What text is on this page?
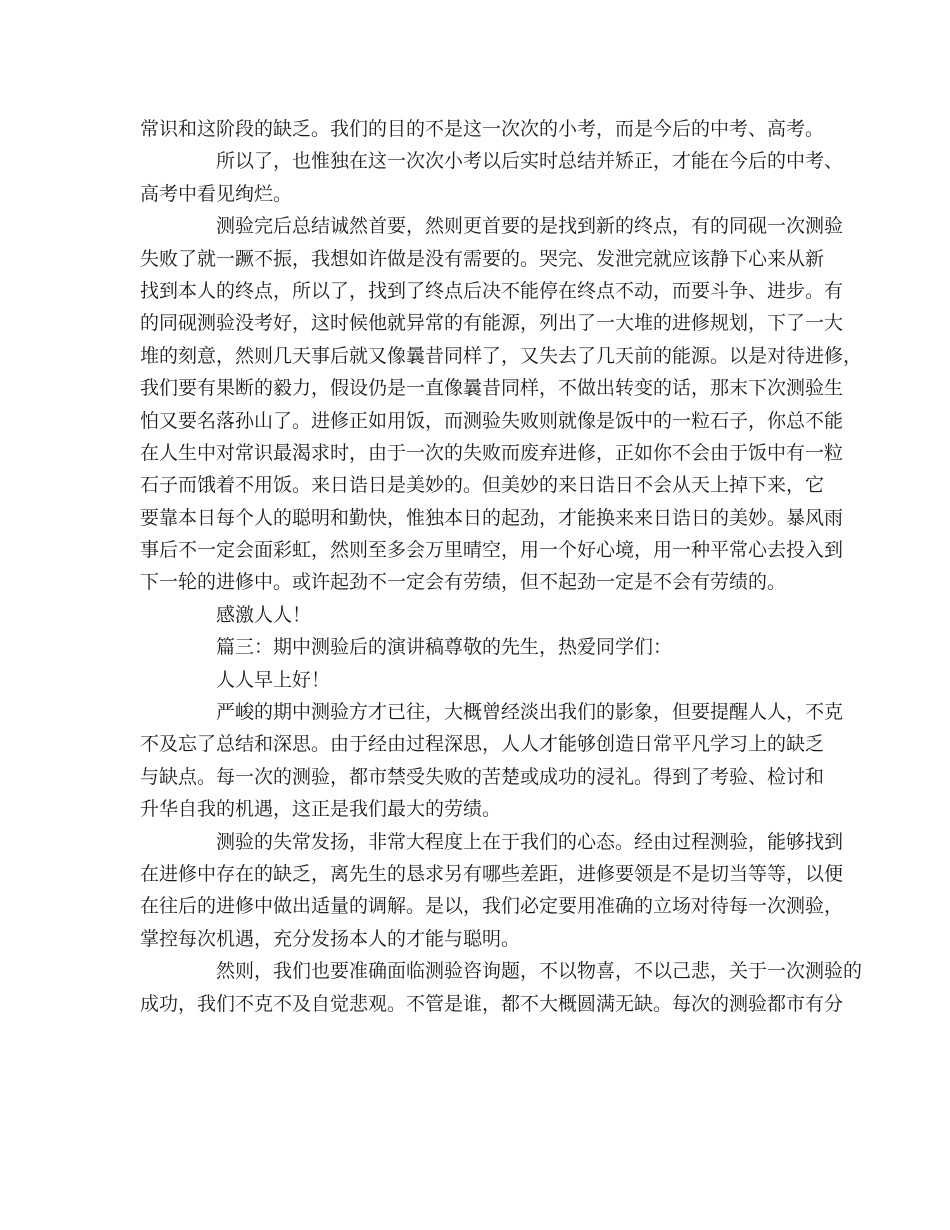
常识和这阶段的缺乏。我们的目的不是这一次次的小考，而是今后的中考、高考。
所以了，也惟独在这一次次小考以后实时总结并矫正，才能在今后的中考、
高考中看见绚烂。
测验完后总结诚然首要，然则更首要的是找到新的终点，有的同砚一次测验
失败了就一蹶不振，我想如许做是没有需要的。哭完、发泄完就应该静下心来从新
找到本人的终点，所以了，找到了终点后决不能停在终点不动，而要斗争、进步。有
的同砚测验没考好，这时候他就异常的有能源，列出了一大堆的进修规划，下了一大
堆的刻意，然则几天事后就又像曩昔同样了，又失去了几天前的能源。以是对待进修，
我们要有果断的毅力，假设仍是一直像曩昔同样，不做出转变的话，那末下次测验生
怕又要名落孙山了。进修正如用饭，而测验失败则就像是饭中的一粒石子，你总不能
在人生中对常识最渴求时，由于一次的失败而废弃进修，正如你不会由于饭中有一粒
石子而饿着不用饭。来日诰日是美妙的。但美妙的来日诰日不会从天上掉下来，它
要靠本日每个人的聪明和勤快，惟独本日的起劲，才能换来来日诰日的美妙。暴风雨
事后不一定会面彩虹，然则至多会万里晴空，用一个好心境，用一种平常心去投入到
下一轮的进修中。或许起劲不一定会有劳绩，但不起劲一定是不会有劳绩的。
感激人人！
篇三：期中测验后的演讲稿尊敬的先生，热爱同学们：
人人早上好！
严峻的期中测验方才已往，大概曾经淡出我们的影象，但要提醒人人，不克
不及忘了总结和深思。由于经由过程深思，人人才能够创造日常平凡学习上的缺乏
与缺点。每一次的测验，都市禁受失败的苦楚或成功的浸礼。得到了考验、检讨和
升华自我的机遇，这正是我们最大的劳绩。
测验的失常发扬，非常大程度上在于我们的心态。经由过程测验，能够找到
在进修中存在的缺乏，离先生的恳求另有哪些差距，进修要领是不是切当等等，以便
在往后的进修中做出适量的调解。是以，我们必定要用准确的立场对待每一次测验，
掌控每次机遇，充分发扬本人的才能与聪明。
然则，我们也要准确面临测验咨询题，不以物喜，不以己悲，关于一次测验的
成功，我们不克不及自觉悲观。不管是谁，都不大概圆满无缺。每次的测验都市有分
